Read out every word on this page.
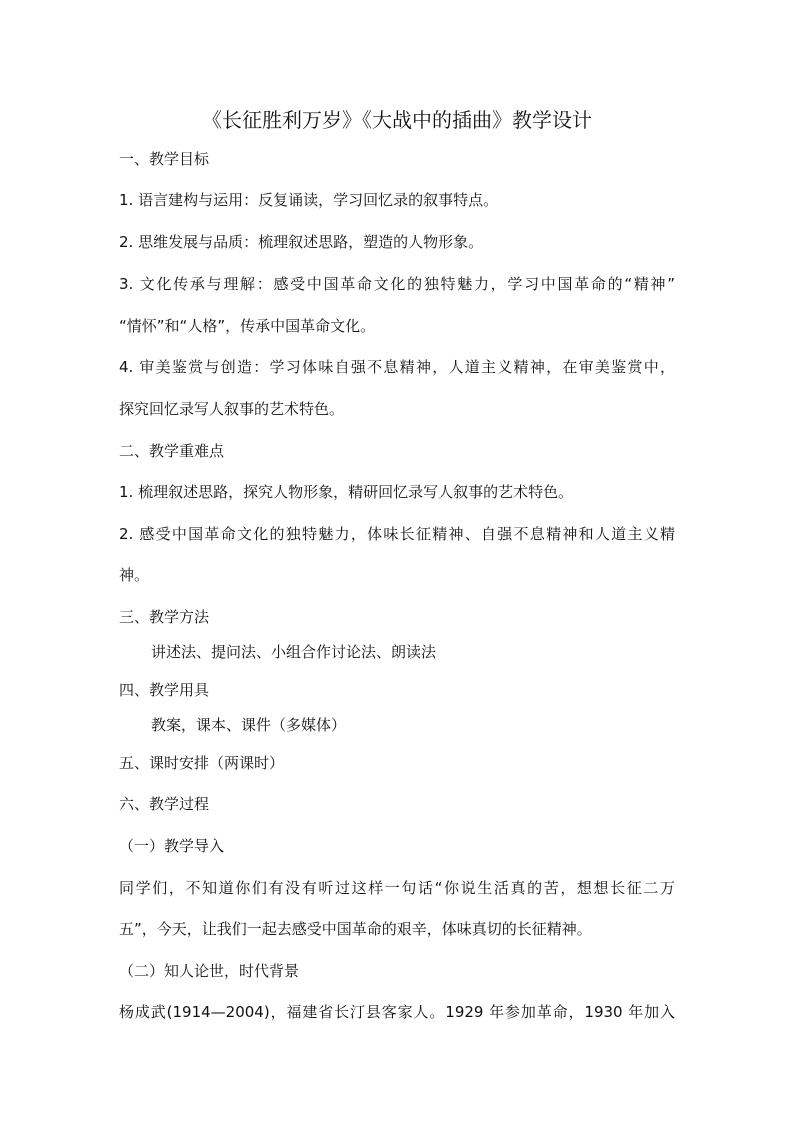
《长征胜利万岁》《大战中的插曲》教学设计
一、教学目标
1. 语言建构与运用：反复诵读，学习回忆录的叙事特点。
2. 思维发展与品质：梳理叙述思路，塑造的人物形象。
3. 文化传承与理解：感受中国革命文化的独特魅力，学习中国革命的“精神”
“情怀”和“人格”，传承中国革命文化。
4. 审美鉴赏与创造：学习体味自强不息精神，人道主义精神，在审美鉴赏中，
探究回忆录写人叙事的艺术特色。
二、教学重难点
1. 梳理叙述思路，探究人物形象，精研回忆录写人叙事的艺术特色。
2. 感受中国革命文化的独特魅力，体味长征精神、自强不息精神和人道主义精
神。
三、教学方法
讲述法、提问法、小组合作讨论法、朗读法
四、教学用具
教案，课本、课件（多媒体）
五、课时安排（两课时）
六、教学过程
（一）教学导入
同学们，不知道你们有没有听过这样一句话“你说生活真的苦，想想长征二万
五”，今天，让我们一起去感受中国革命的艰辛，体味真切的长征精神。
（二）知人论世，时代背景
杨成武(1914—2004)，福建省长汀县客家人。1929 年参加革命，1930 年加入
